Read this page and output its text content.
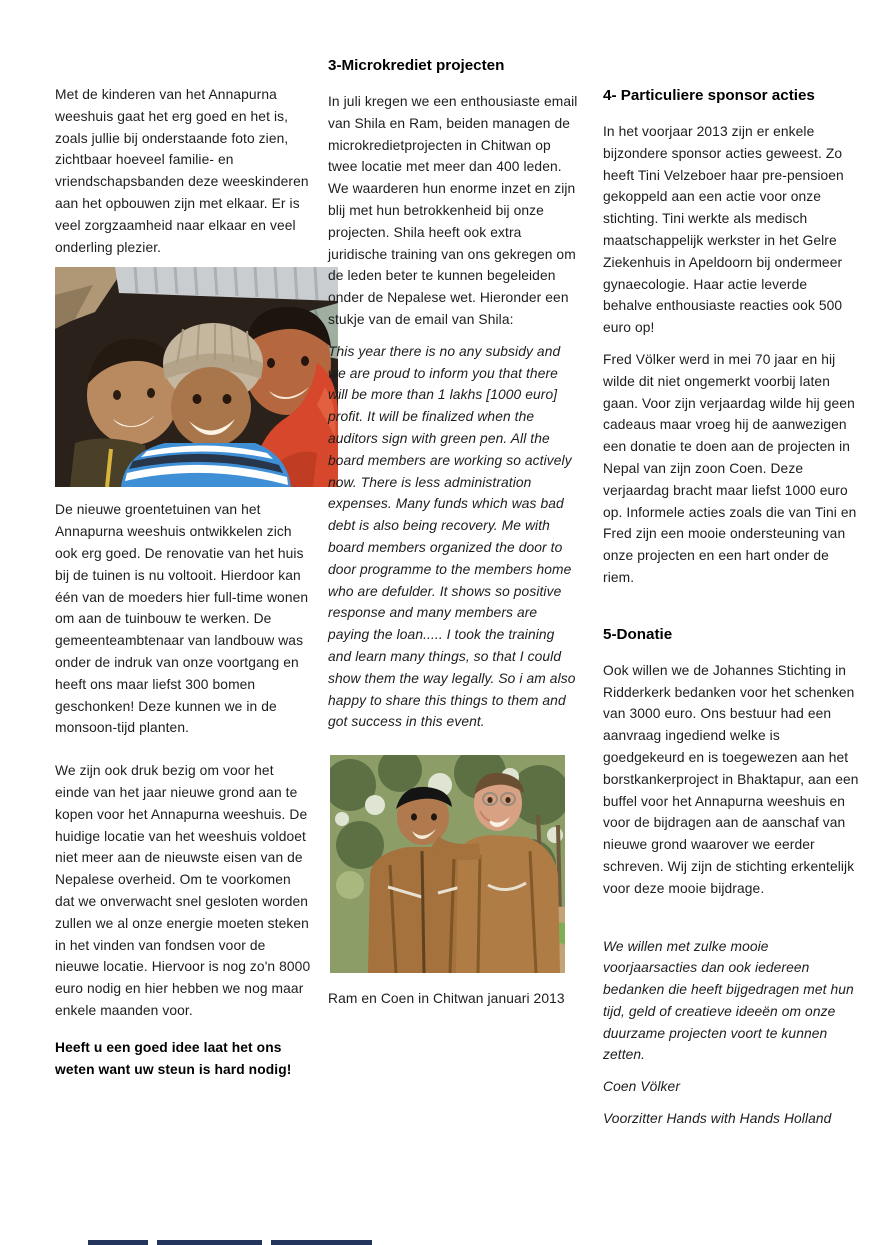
Met de kinderen van het Annapurna weeshuis gaat het erg goed en het is, zoals jullie bij onderstaande foto zien, zichtbaar hoeveel familie- en vriendschapsbanden deze weeskinderen aan het opbouwen zijn met elkaar. Er is veel zorgzaamheid naar elkaar en veel onderling plezier.

De nieuwe groentetuinen van het Annapurna weeshuis ontwikkelen zich ook erg goed. De renovatie van het huis bij de tuinen is nu voltooit. Hierdoor kan één van de moeders hier full-time wonen om aan de tuinbouw te werken. De gemeenteambtenaar van landbouw was onder de indruk van onze voortgang en heeft ons maar liefst 300 bomen geschonken! Deze kunnen we in de monsoon-tijd planten.

We zijn ook druk bezig om voor het einde van het jaar nieuwe grond aan te kopen voor het Annapurna weeshuis. De huidige locatie van het weeshuis voldoet niet meer aan de nieuwste eisen van de Nepalese overheid. Om te voorkomen dat we onverwacht snel gesloten worden zullen we al onze energie moeten steken in het vinden van fondsen voor de nieuwe locatie. Hiervoor is nog zo'n 8000 euro nodig en hier hebben we nog maar enkele maanden voor.

Heeft u een goed idee laat het ons weten want uw steun is hard nodig!

3-Microkrediet projecten

In juli kregen we een enthousiaste email van Shila en Ram, beiden managen de microkredietprojecten in Chitwan op twee locatie met meer dan 400 leden. We waarderen hun enorme inzet en zijn blij met hun betrokkenheid bij onze projecten. Shila heeft ook extra juridische training van ons gekregen om de leden beter te kunnen begeleiden onder de Nepalese wet. Hieronder een stukje van de email van Shila:

This year there is no any subsidy and we are proud to inform you that there will be more than 1 lakhs [1000 euro] profit. It will be finalized when the auditors sign with green pen. All the board members are working so actively now. There is less administration expenses. Many funds which was bad debt is also being recovery. Me with board members organized the door to door programme to the members home who are defulder. It shows so positive response and many members are paying the loan..... I took the training and learn many things, so that I could show them the way legally. So i am also happy to share this things to them and got success in this event.

Ram en Coen in Chitwan januari 2013

4- Particuliere sponsor acties

In het voorjaar 2013 zijn er enkele bijzondere sponsor acties geweest. Zo heeft Tini Velzeboer haar pre-pensioen gekoppeld aan een actie voor onze stichting. Tini werkte als medisch maatschappelijk werkster in het Gelre Ziekenhuis in Apeldoorn bij ondermeer gynaecologie. Haar actie leverde behalve enthousiaste reacties ook 500 euro op!

Fred Völker werd in mei 70 jaar en hij wilde dit niet ongemerkt voorbij laten gaan. Voor zijn verjaardag wilde hij geen cadeaus maar vroeg hij de aanwezigen een donatie te doen aan de projecten in Nepal van zijn zoon Coen. Deze verjaardag bracht maar liefst 1000 euro op. Informele acties zoals die van Tini en Fred zijn een mooie ondersteuning van onze projecten en een hart onder de riem.

5-Donatie

Ook willen we de Johannes Stichting in Ridderkerk bedanken voor het schenken van 3000 euro. Ons bestuur had een aanvraag ingediend welke is goedgekeurd en is toegewezen aan het borstkankerproject in Bhaktapur, aan een buffel voor het Annapurna weeshuis en voor de bijdragen aan de aanschaf van nieuwe grond waarover we eerder schreven. Wij zijn de stichting erkentelijk voor deze mooie bijdrage.

We willen met zulke mooie voorjaarsacties dan ook iedereen bedanken die heeft bijgedragen met hun tijd, geld of creatieve ideeën om onze duurzame projecten voort te kunnen zetten.

Coen Völker

Voorzitter Hands with Hands Holland
